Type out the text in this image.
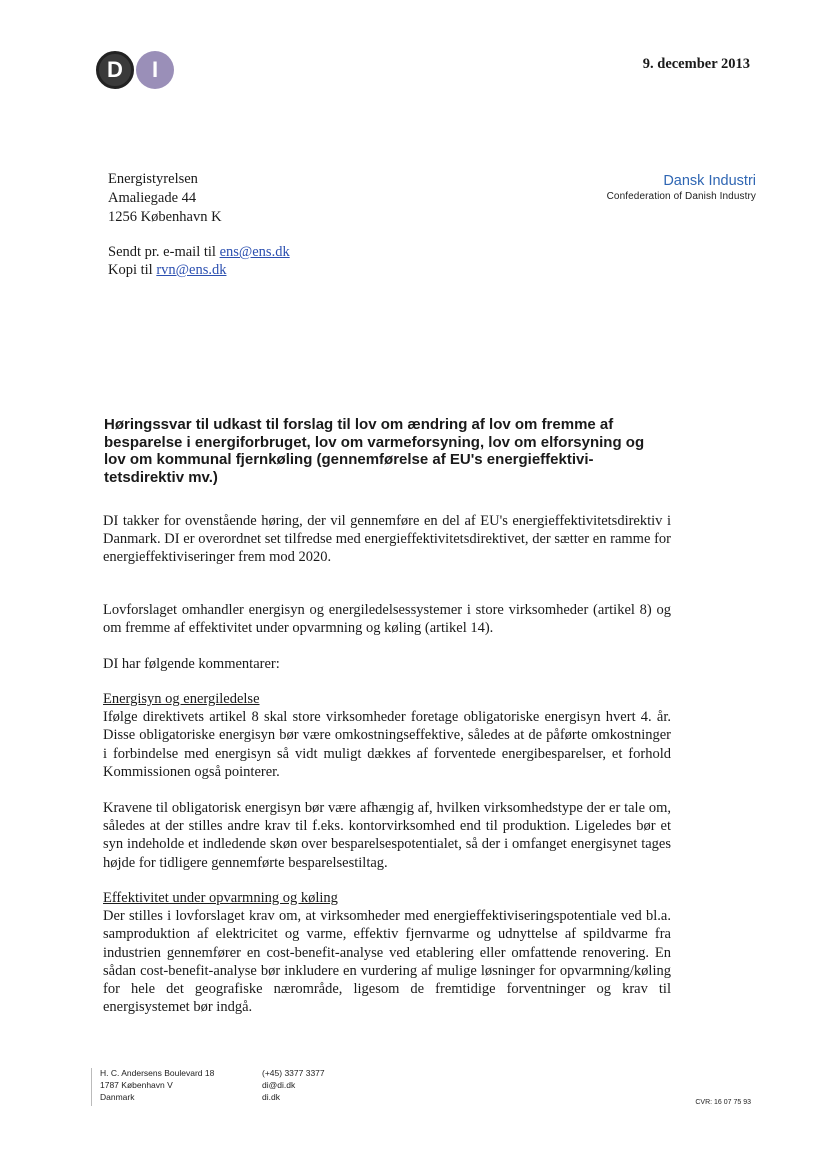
D	I	9. december 2013
Energistyrelsen
Amaliegade 44
1256 København K
Dansk Industri
Confederation of Danish Industry
Sendt pr. e-mail til ens@ens.dk
Kopi til rvn@ens.dk
Høringssvar til udkast til forslag til lov om ændring af lov om fremme af besparelse i energiforbruget, lov om varmeforsyning, lov om elforsyning og lov om kommunal fjernkøling (gennemførelse af EU's energieffektivi-tetsdirektiv mv.)

DI takker for ovenstående høring, der vil gennemføre en del af EU's energieffektivitetsdirektiv i Danmark. DI er overordnet set tilfredse med energieffektivitetsdirektivet, der sætter en ramme for energieffektiviseringer frem mod 2020.

Lovforslaget omhandler energisyn og energiledelsessystemer i store virksomheder (artikel 8) og om fremme af effektivitet under opvarmning og køling (artikel 14).

DI har følgende kommentarer:

Energisyn og energiledelse

Ifølge direktivets artikel 8 skal store virksomheder foretage obligatoriske energisyn hvert 4. år. Disse obligatoriske energisyn bør være omkostningseffektive, således at de påførte omkostninger i forbindelse med energisyn så vidt muligt dækkes af forventede energibesparelser, et forhold Kommissionen også pointerer.

Kravene til obligatorisk energisyn bør være afhængig af, hvilken virksomhedstype der er tale om, således at der stilles andre krav til f.eks. kontorvirksomhed end til produktion. Ligeledes bør et syn indeholde et indledende skøn over besparelsespotentialet, så der i omfanget energisynet tages højde for tidligere gennemførte besparelsestiltag.

Effektivitet under opvarmning og køling

Der stilles i lovforslaget krav om, at virksomheder med energieffektiviseringspotentiale ved bl.a. samproduktion af elektricitet og varme, effektiv fjernvarme og udnyttelse af spildvarme fra industrien gennemfører en cost-benefit-analyse ved etablering eller omfattende renovering. En sådan cost-benefit-analyse bør inkludere en vurdering af mulige løsninger for opvarmning/køling for hele det geografiske nærområde, ligesom de fremtidige forventninger og krav til energisystemet bør indgå.

H. C. Andersens Boulevard 18
1787 København V
Danmark
(+45) 3377 3377
di@di.dk
di.dk
CVR: 16 07 75 93
